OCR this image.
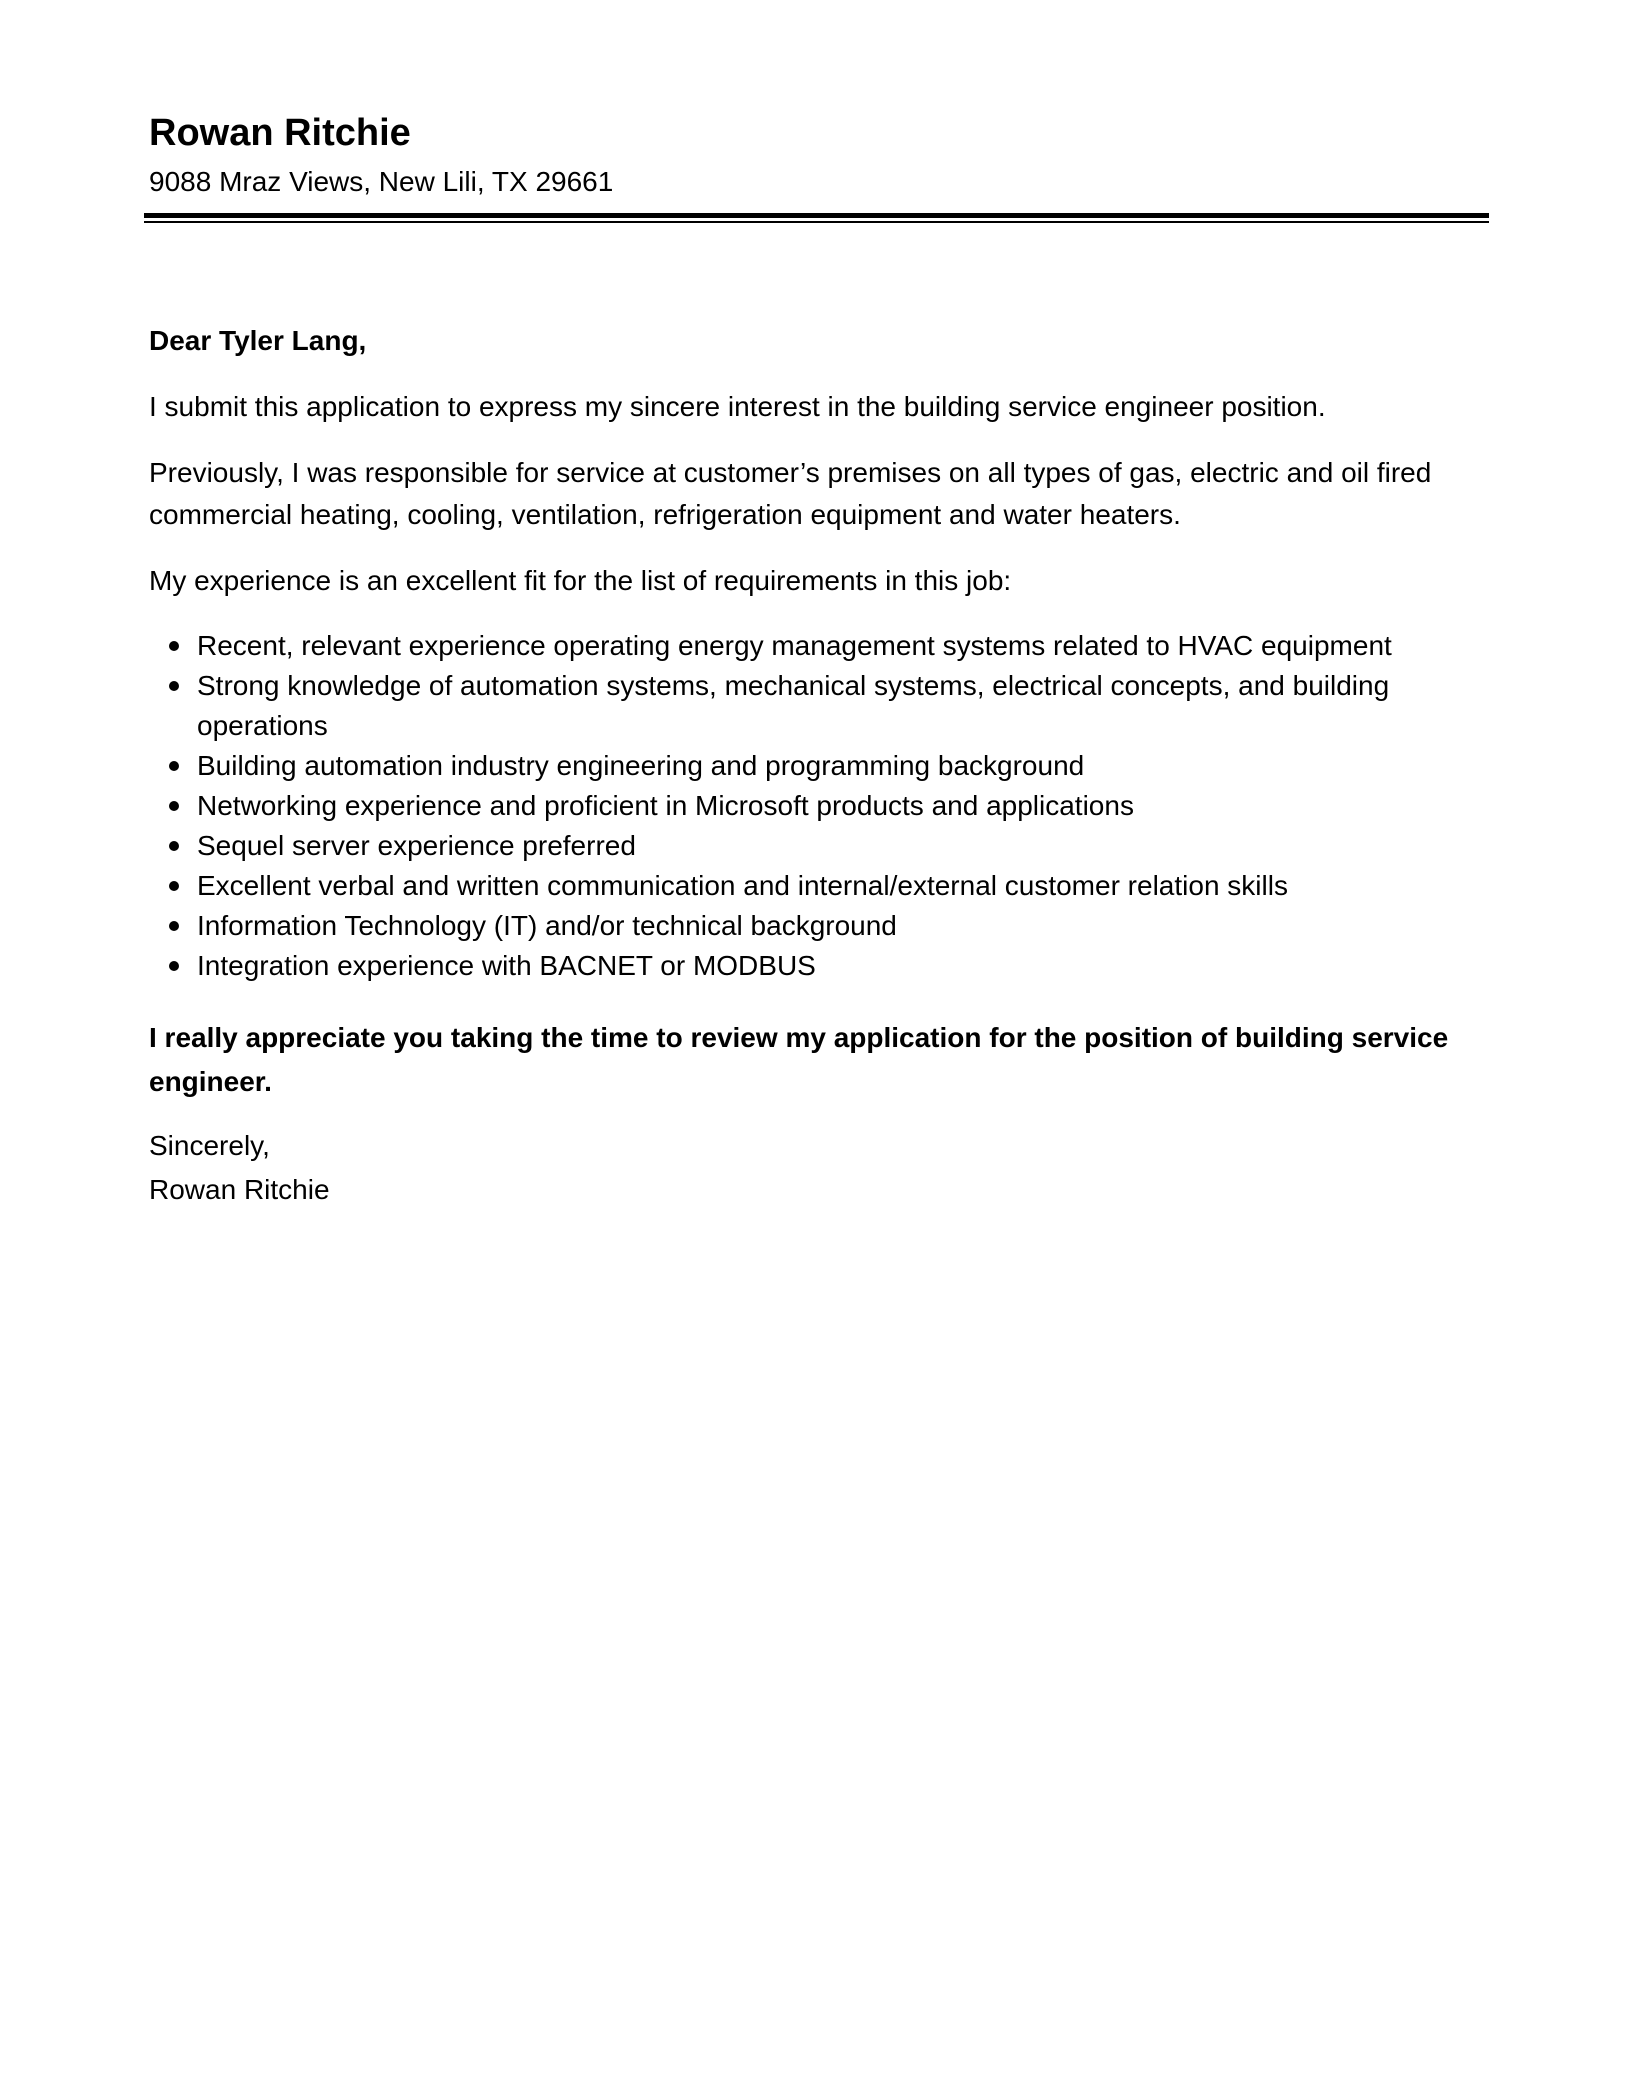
Rowan Ritchie
9088 Mraz Views, New Lili, TX 29661

Dear Tyler Lang,

I submit this application to express my sincere interest in the building service engineer position.

Previously, I was responsible for service at customer’s premises on all types of gas, electric and oil fired commercial heating, cooling, ventilation, refrigeration equipment and water heaters.

My experience is an excellent fit for the list of requirements in this job:

Recent, relevant experience operating energy management systems related to HVAC equipment
Strong knowledge of automation systems, mechanical systems, electrical concepts, and building operations
Building automation industry engineering and programming background
Networking experience and proficient in Microsoft products and applications
Sequel server experience preferred
Excellent verbal and written communication and internal/external customer relation skills
Information Technology (IT) and/or technical background
Integration experience with BACNET or MODBUS

I really appreciate you taking the time to review my application for the position of building service engineer.

Sincerely,

Rowan Ritchie
